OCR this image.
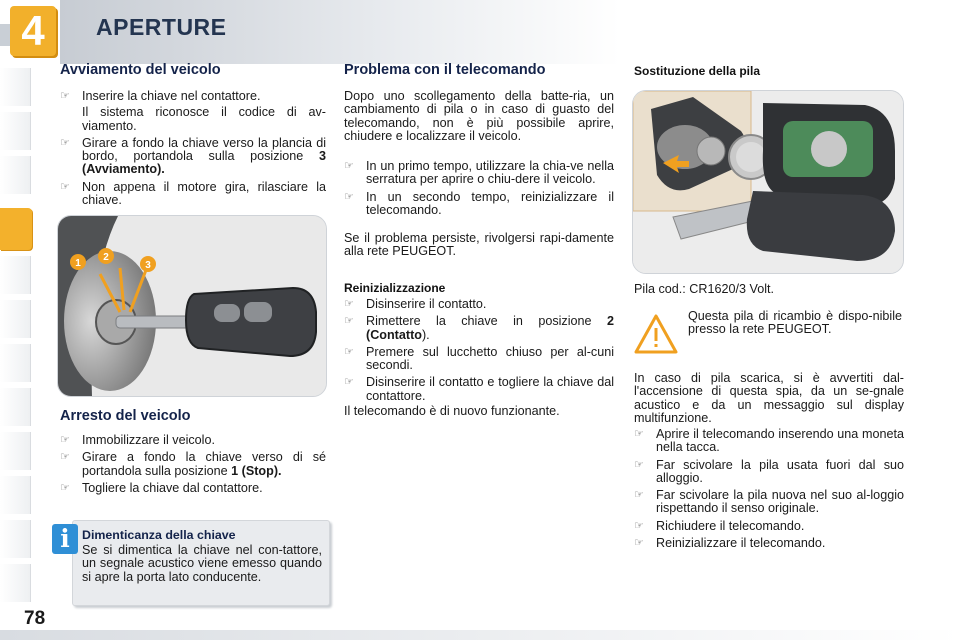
4	APERTURE
Avviamento del veicolo
☞ Inserire la chiave nel contattore.
Il sistema riconosce il codice di av-viamento.
☞ Girare a fondo la chiave verso la plancia di bordo, portandola sulla posizione 3 (Avviamento).
☞ Non appena il motore gira, rilasciare la chiave.
1
2
3
Arresto del veicolo
☞ Immobilizzare il veicolo.
☞ Girare a fondo la chiave verso di sé portandola sulla posizione 1 (Stop).
☞ Togliere la chiave dal contattore.
i Dimenticanza della chiave
Se si dimentica la chiave nel con-tattore, un segnale acustico viene emesso quando si apre la porta lato conducente.
Problema con il telecomando
Dopo uno scollegamento della batte-ria, un cambiamento di pila o in caso di guasto del telecomando, non è più possibile aprire, chiudere e localizzare il veicolo.
☞ In un primo tempo, utilizzare la chia-ve nella serratura per aprire o chiu-dere il veicolo.
☞ In un secondo tempo, reinizializzare il telecomando.
Se il problema persiste, rivolgersi rapi-damente alla rete PEUGEOT.
Reinizializzazione
☞ Disinserire il contatto.
☞ Rimettere la chiave in posizione 2 (Contatto).
☞ Premere sul lucchetto chiuso per al-cuni secondi.
☞ Disinserire il contatto e togliere la chiave dal contattore.
Il telecomando è di nuovo funzionante.
Sostituzione della pila
Pila cod.: CR1620/3 Volt.
Questa pila di ricambio è dispo-nibile presso la rete PEUGEOT.
In caso di pila scarica, si è avvertiti dal-l'accensione di questa spia, da un se-gnale acustico e da un messaggio sul display multifunzione.
☞ Aprire il telecomando inserendo una moneta nella tacca.
☞ Far scivolare la pila usata fuori dal suo alloggio.
☞ Far scivolare la pila nuova nel suo al-loggio rispettando il senso originale.
☞ Richiudere il telecomando.
☞ Reinizializzare il telecomando.
78
